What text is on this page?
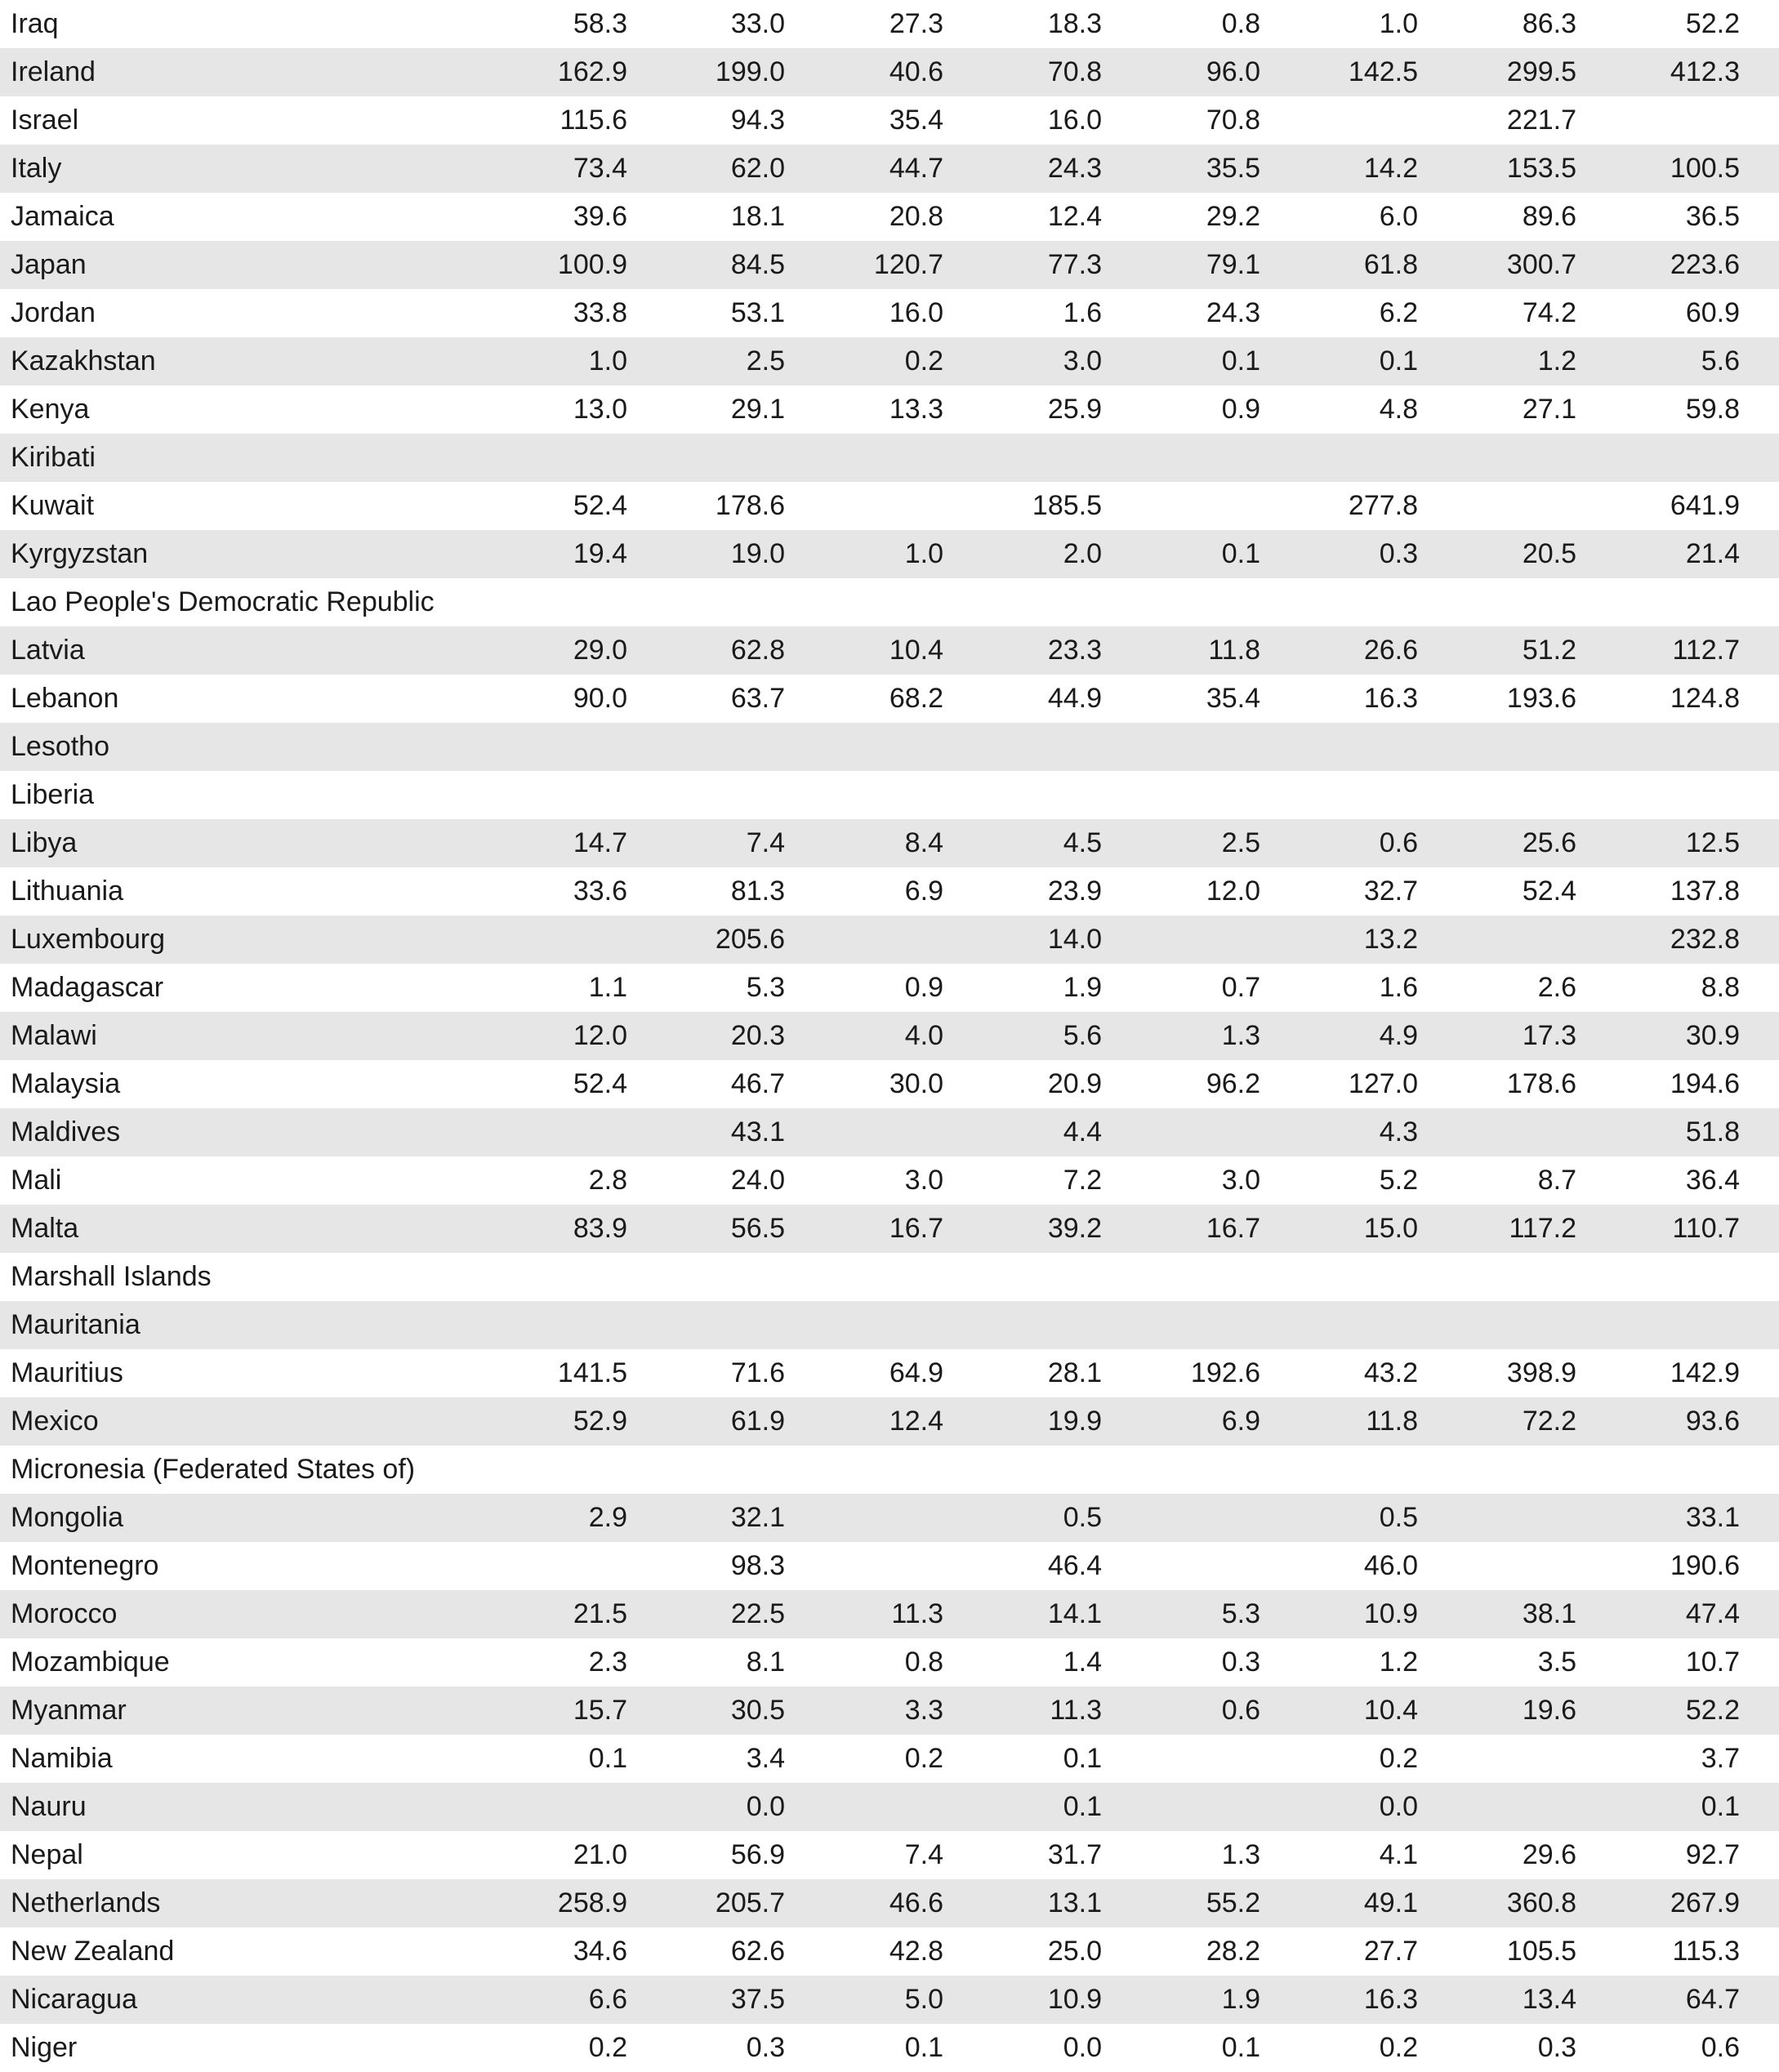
Iraq	58.3	33.0	27.3	18.3	0.8	1.0	86.3	52.2
Ireland	162.9	199.0	40.6	70.8	96.0	142.5	299.5	412.3
Israel	115.6	94.3	35.4	16.0	70.8		221.7	
Italy	73.4	62.0	44.7	24.3	35.5	14.2	153.5	100.5
Jamaica	39.6	18.1	20.8	12.4	29.2	6.0	89.6	36.5
Japan	100.9	84.5	120.7	77.3	79.1	61.8	300.7	223.6
Jordan	33.8	53.1	16.0	1.6	24.3	6.2	74.2	60.9
Kazakhstan	1.0	2.5	0.2	3.0	0.1	0.1	1.2	5.6
Kenya	13.0	29.1	13.3	25.9	0.9	4.8	27.1	59.8
Kiribati								
Kuwait	52.4	178.6		185.5		277.8		641.9
Kyrgyzstan	19.4	19.0	1.0	2.0	0.1	0.3	20.5	21.4
Lao People's Democratic Republic								
Latvia	29.0	62.8	10.4	23.3	11.8	26.6	51.2	112.7
Lebanon	90.0	63.7	68.2	44.9	35.4	16.3	193.6	124.8
Lesotho								
Liberia								
Libya	14.7	7.4	8.4	4.5	2.5	0.6	25.6	12.5
Lithuania	33.6	81.3	6.9	23.9	12.0	32.7	52.4	137.8
Luxembourg		205.6		14.0		13.2		232.8
Madagascar	1.1	5.3	0.9	1.9	0.7	1.6	2.6	8.8
Malawi	12.0	20.3	4.0	5.6	1.3	4.9	17.3	30.9
Malaysia	52.4	46.7	30.0	20.9	96.2	127.0	178.6	194.6
Maldives		43.1		4.4		4.3		51.8
Mali	2.8	24.0	3.0	7.2	3.0	5.2	8.7	36.4
Malta	83.9	56.5	16.7	39.2	16.7	15.0	117.2	110.7
Marshall Islands								
Mauritania								
Mauritius	141.5	71.6	64.9	28.1	192.6	43.2	398.9	142.9
Mexico	52.9	61.9	12.4	19.9	6.9	11.8	72.2	93.6
Micronesia (Federated States of)								
Mongolia	2.9	32.1		0.5		0.5		33.1
Montenegro		98.3		46.4		46.0		190.6
Morocco	21.5	22.5	11.3	14.1	5.3	10.9	38.1	47.4
Mozambique	2.3	8.1	0.8	1.4	0.3	1.2	3.5	10.7
Myanmar	15.7	30.5	3.3	11.3	0.6	10.4	19.6	52.2
Namibia	0.1	3.4	0.2	0.1		0.2		3.7
Nauru		0.0		0.1		0.0		0.1
Nepal	21.0	56.9	7.4	31.7	1.3	4.1	29.6	92.7
Netherlands	258.9	205.7	46.6	13.1	55.2	49.1	360.8	267.9
New Zealand	34.6	62.6	42.8	25.0	28.2	27.7	105.5	115.3
Nicaragua	6.6	37.5	5.0	10.9	1.9	16.3	13.4	64.7
Niger	0.2	0.3	0.1	0.0	0.1	0.2	0.3	0.6
